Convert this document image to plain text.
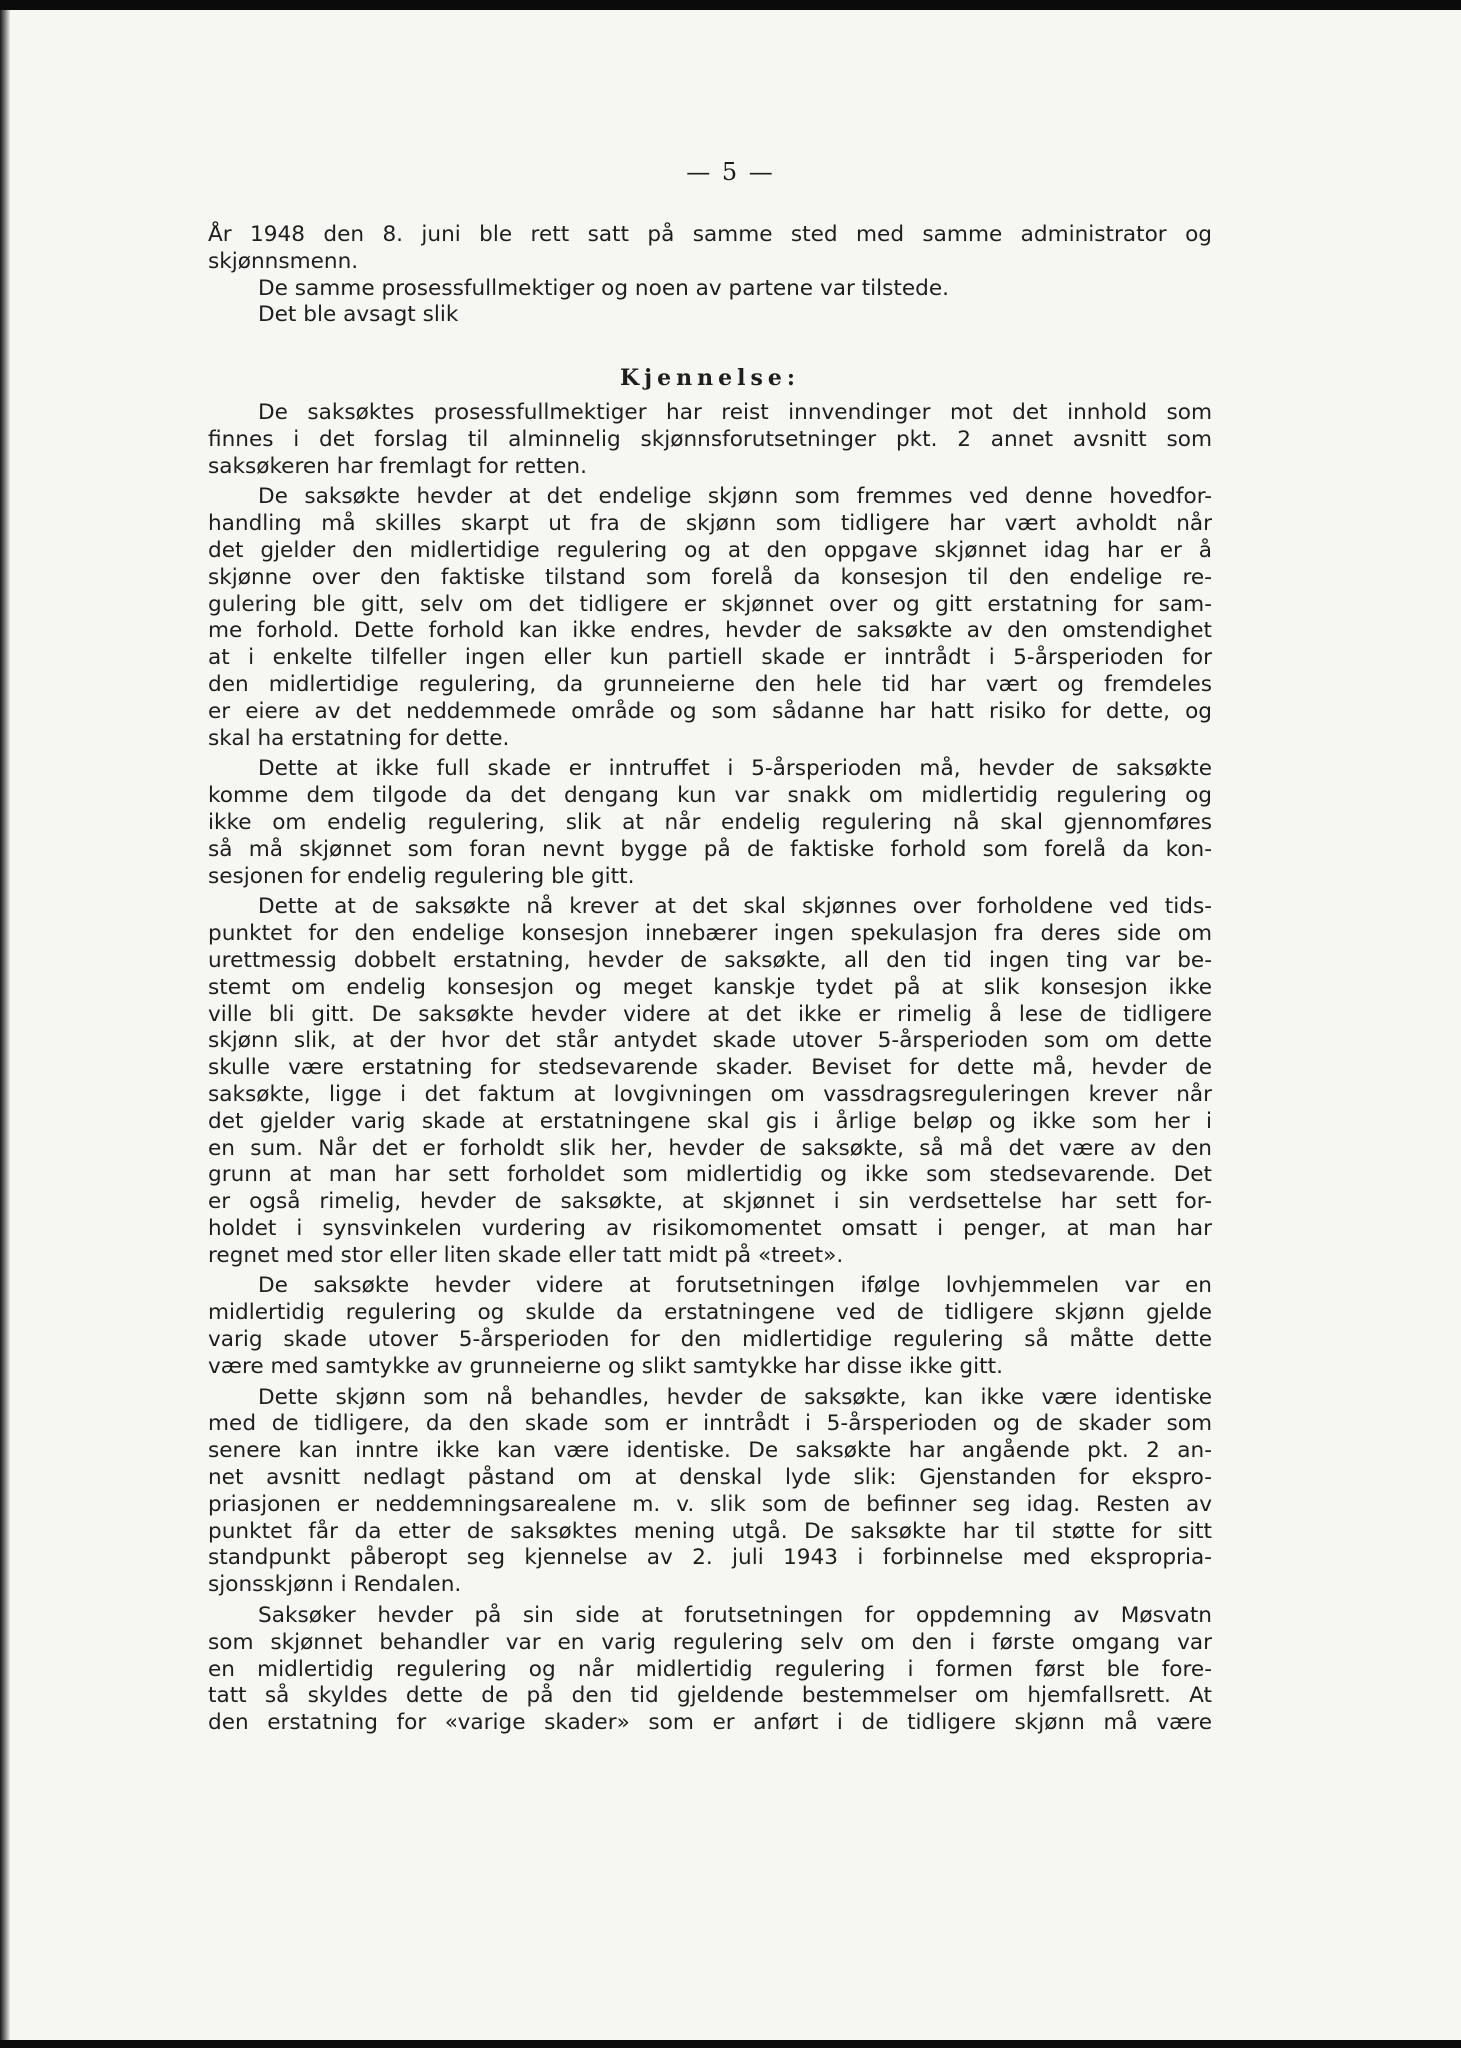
— 5 —
År 1948 den 8. juni ble rett satt på samme sted med samme administrator og
skjønnsmenn.
De samme prosessfullmektiger og noen av partene var tilstede.
Det ble avsagt slik
Kjennelse:
De saksøktes prosessfullmektiger har reist innvendinger mot det innhold som
finnes i det forslag til alminnelig skjønnsforutsetninger pkt. 2 annet avsnitt som
saksøkeren har fremlagt for retten.
De saksøkte hevder at det endelige skjønn som fremmes ved denne hovedfor-
handling må skilles skarpt ut fra de skjønn som tidligere har vært avholdt når
det gjelder den midlertidige regulering og at den oppgave skjønnet idag har er å
skjønne over den faktiske tilstand som forelå da konsesjon til den endelige re-
gulering ble gitt, selv om det tidligere er skjønnet over og gitt erstatning for sam-
me forhold. Dette forhold kan ikke endres, hevder de saksøkte av den omstendighet
at i enkelte tilfeller ingen eller kun partiell skade er inntrådt i 5-årsperioden for
den midlertidige regulering, da grunneierne den hele tid har vært og fremdeles
er eiere av det neddemmede område og som sådanne har hatt risiko for dette, og
skal ha erstatning for dette.
Dette at ikke full skade er inntruffet i 5-årsperioden må, hevder de saksøkte
komme dem tilgode da det dengang kun var snakk om midlertidig regulering og
ikke om endelig regulering, slik at når endelig regulering nå skal gjennomføres
så må skjønnet som foran nevnt bygge på de faktiske forhold som forelå da kon-
sesjonen for endelig regulering ble gitt.
Dette at de saksøkte nå krever at det skal skjønnes over forholdene ved tids-
punktet for den endelige konsesjon innebærer ingen spekulasjon fra deres side om
urettmessig dobbelt erstatning, hevder de saksøkte, all den tid ingen ting var be-
stemt om endelig konsesjon og meget kanskje tydet på at slik konsesjon ikke
ville bli gitt. De saksøkte hevder videre at det ikke er rimelig å lese de tidligere
skjønn slik, at der hvor det står antydet skade utover 5-årsperioden som om dette
skulle være erstatning for stedsevarende skader. Beviset for dette må, hevder de
saksøkte, ligge i det faktum at lovgivningen om vassdragsreguleringen krever når
det gjelder varig skade at erstatningene skal gis i årlige beløp og ikke som her i
en sum. Når det er forholdt slik her, hevder de saksøkte, så må det være av den
grunn at man har sett forholdet som midlertidig og ikke som stedsevarende. Det
er også rimelig, hevder de saksøkte, at skjønnet i sin verdsettelse har sett for-
holdet i synsvinkelen vurdering av risikomomentet omsatt i penger, at man har
regnet med stor eller liten skade eller tatt midt på «treet».
De saksøkte hevder videre at forutsetningen ifølge lovhjemmelen var en
midlertidig regulering og skulde da erstatningene ved de tidligere skjønn gjelde
varig skade utover 5-årsperioden for den midlertidige regulering så måtte dette
være med samtykke av grunneierne og slikt samtykke har disse ikke gitt.
Dette skjønn som nå behandles, hevder de saksøkte, kan ikke være identiske
med de tidligere, da den skade som er inntrådt i 5-årsperioden og de skader som
senere kan inntre ikke kan være identiske. De saksøkte har angående pkt. 2 an-
net avsnitt nedlagt påstand om at denskal lyde slik: Gjenstanden for ekspro-
priasjonen er neddemningsarealene m. v. slik som de befinner seg idag. Resten av
punktet får da etter de saksøktes mening utgå. De saksøkte har til støtte for sitt
standpunkt påberopt seg kjennelse av 2. juli 1943 i forbinnelse med ekspropria-
sjonsskjønn i Rendalen.
Saksøker hevder på sin side at forutsetningen for oppdemning av Møsvatn
som skjønnet behandler var en varig regulering selv om den i første omgang var
en midlertidig regulering og når midlertidig regulering i formen først ble fore-
tatt så skyldes dette de på den tid gjeldende bestemmelser om hjemfallsrett. At
den erstatning for «varige skader» som er anført i de tidligere skjønn må være
